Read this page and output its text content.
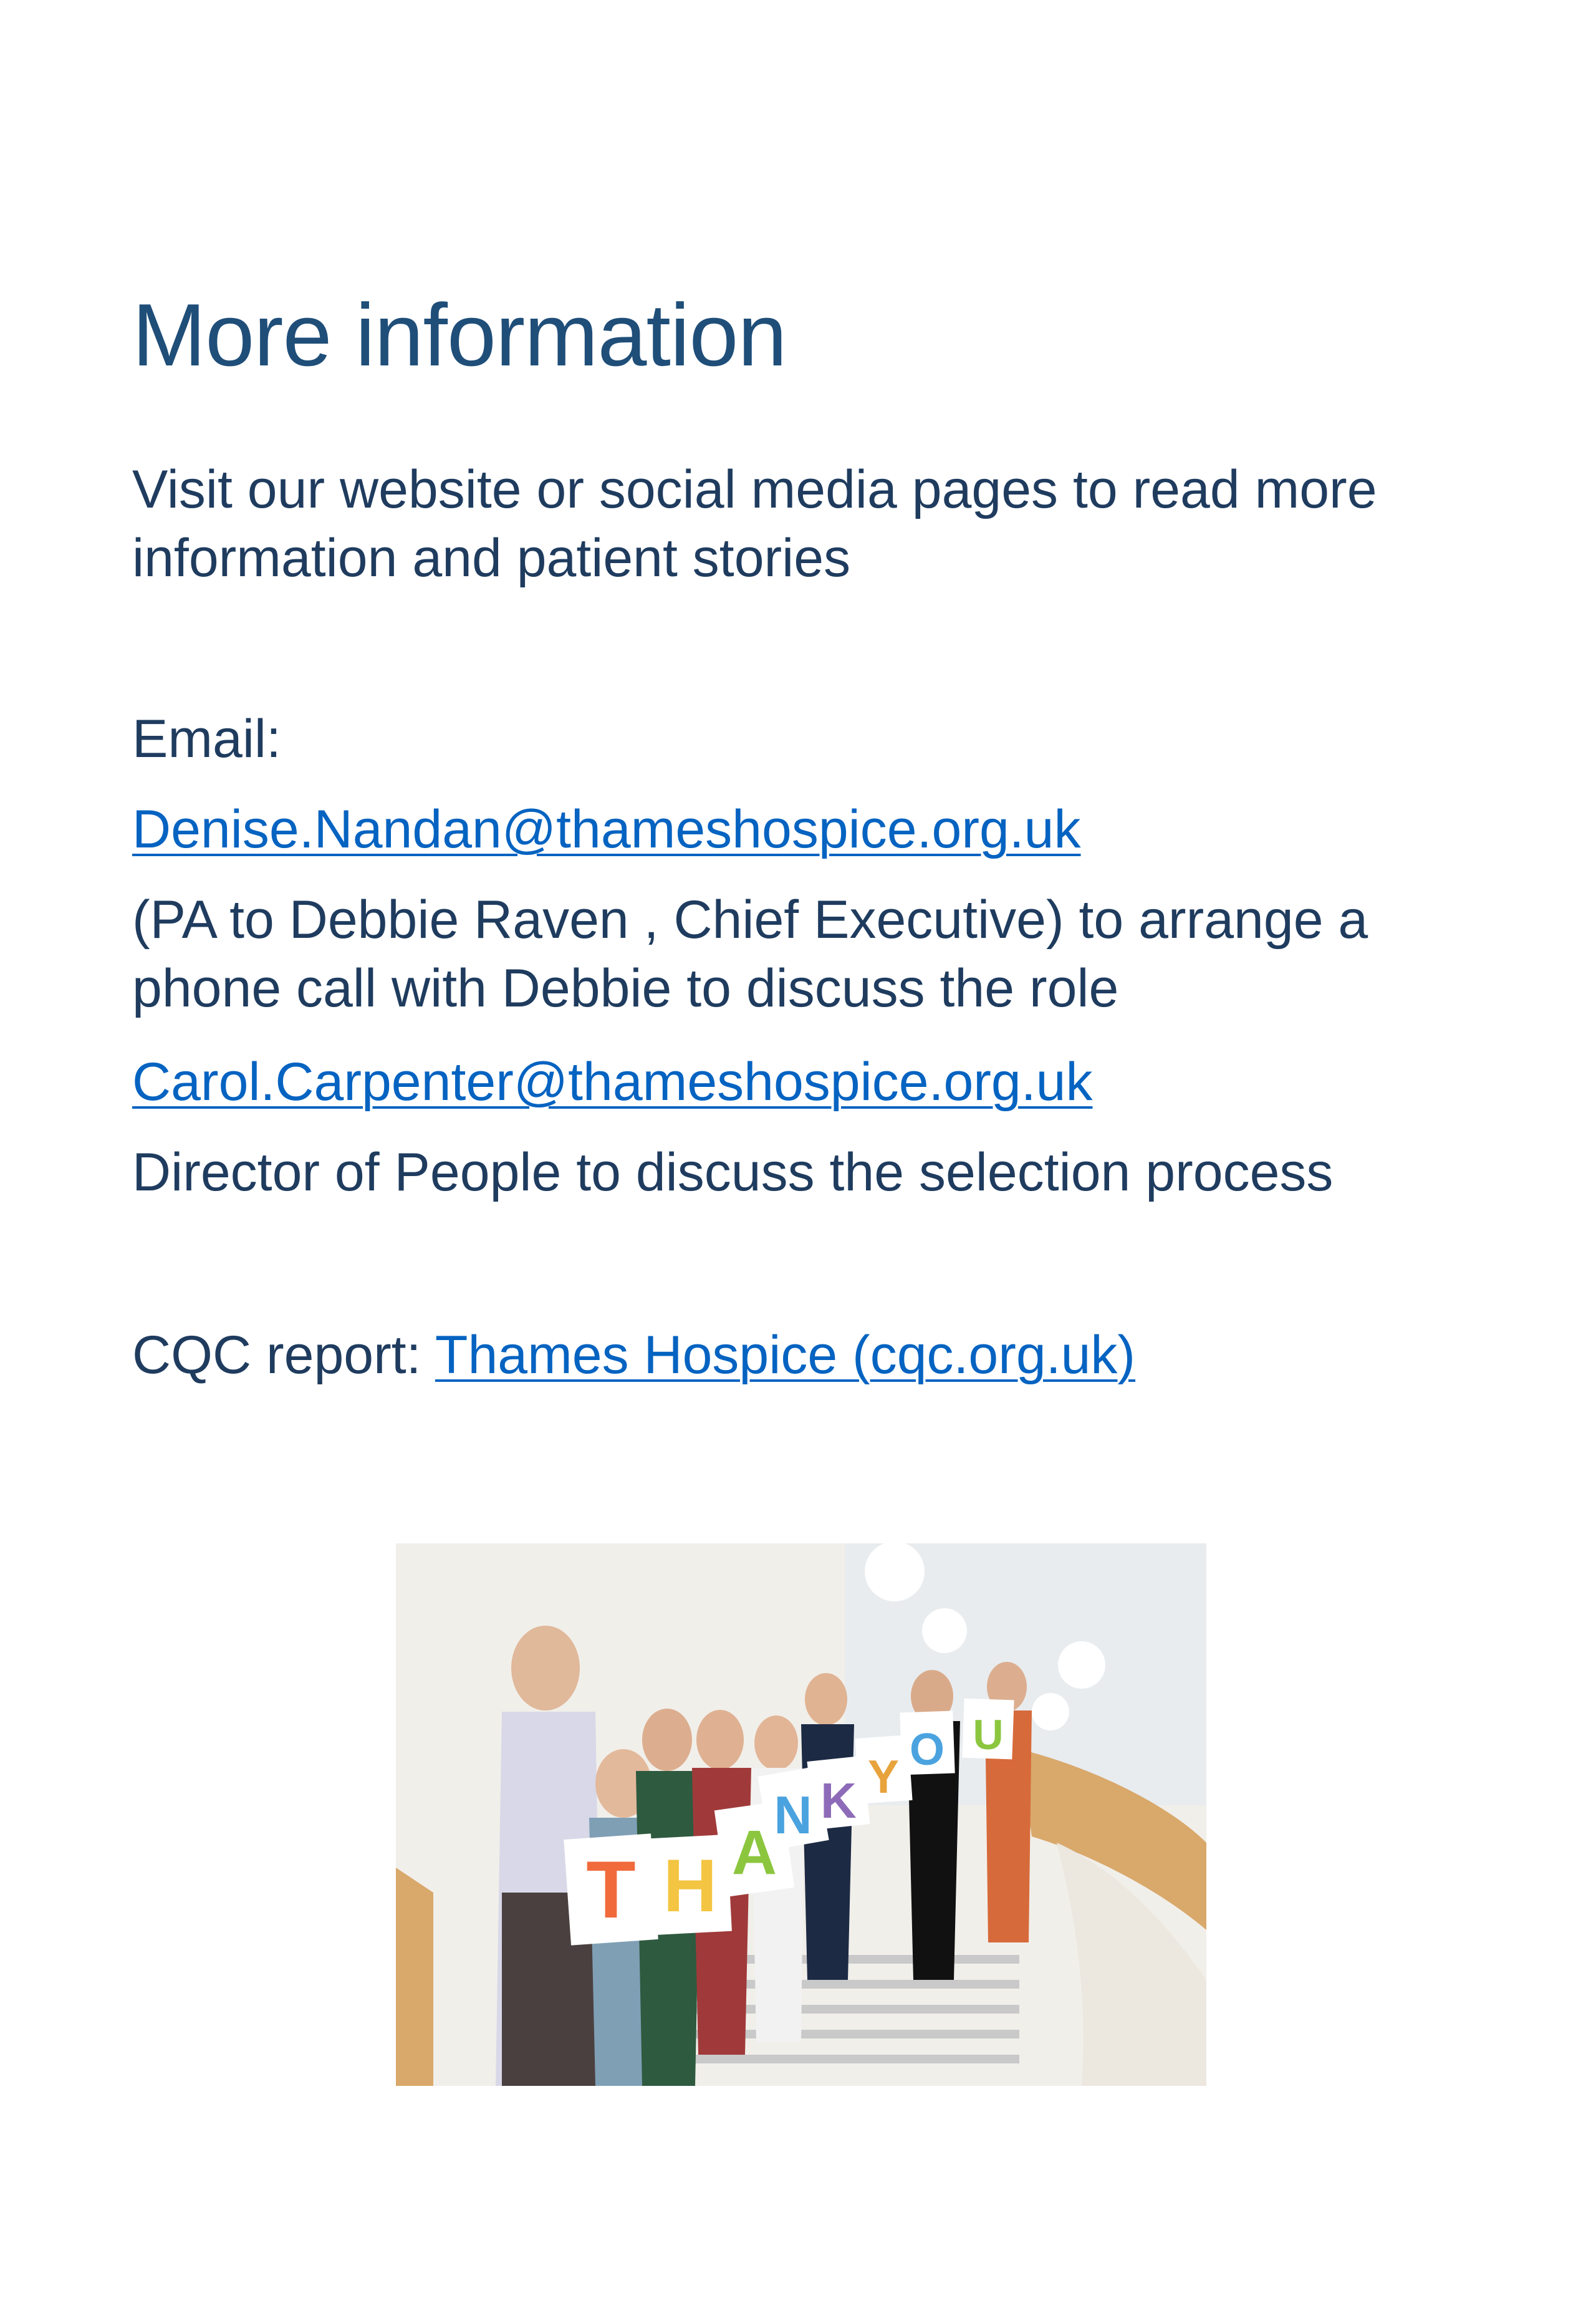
More information

Visit our website or social media pages to read more information and patient stories

Email:

Denise.Nandan@thameshospice.org.uk

(PA to Debbie Raven , Chief Executive) to arrange a phone call with Debbie to discuss the role

Carol.Carpenter@thameshospice.org.uk

Director of People to discuss the selection process

CQC report: Thames Hospice (cqc.org.uk)

T H A
N K Y
O U
